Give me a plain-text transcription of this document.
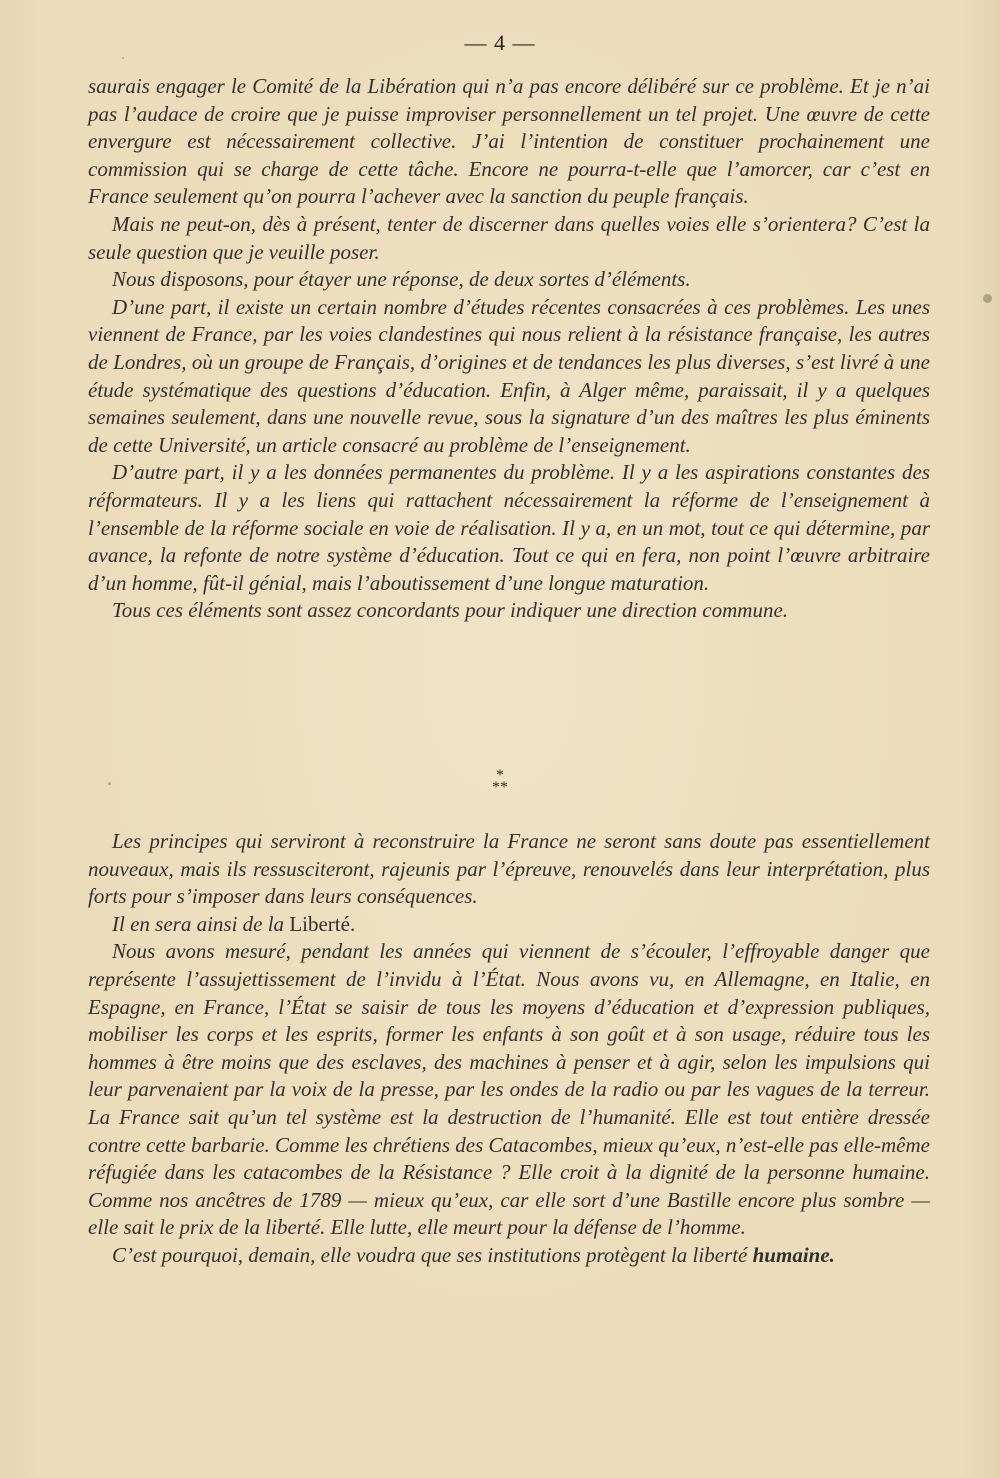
— 4 —

saurais engager le Comité de la Libération qui n’a pas encore délibéré sur ce problème. Et je n’ai pas l’audace de croire que je puisse improviser personnellement un tel projet. Une œuvre de cette envergure est nécessairement collective. J’ai l’intention de constituer prochainement une commission qui se charge de cette tâche. Encore ne pourra-t-elle que l’amorcer, car c’est en France seulement qu’on pourra l’achever avec la sanction du peuple français.

Mais ne peut-on, dès à présent, tenter de discerner dans quelles voies elle s’orientera? C’est la seule question que je veuille poser.

Nous disposons, pour étayer une réponse, de deux sortes d’éléments.

D’une part, il existe un certain nombre d’études récentes consacrées à ces problèmes. Les unes viennent de France, par les voies clandestines qui nous relient à la résistance française, les autres de Londres, où un groupe de Français, d’origines et de tendances les plus diverses, s’est livré à une étude systématique des questions d’éducation. Enfin, à Alger même, paraissait, il y a quelques semaines seulement, dans une nouvelle revue, sous la signature d’un des maîtres les plus éminents de cette Université, un article consacré au problème de l’enseignement.

D’autre part, il y a les données permanentes du problème. Il y a les aspirations constantes des réformateurs. Il y a les liens qui rattachent nécessairement la réforme de l’enseignement à l’ensemble de la réforme sociale en voie de réalisation. Il y a, en un mot, tout ce qui détermine, par avance, la refonte de notre système d’éducation. Tout ce qui en fera, non point l’œuvre arbitraire d’un homme, fût-il génial, mais l’aboutissement d’une longue maturation.

Tous ces éléments sont assez concordants pour indiquer une direction commune.

*
**

Les principes qui serviront à reconstruire la France ne seront sans doute pas essentiellement nouveaux, mais ils ressusciteront, rajeunis par l’épreuve, renouvelés dans leur interprétation, plus forts pour s’imposer dans leurs conséquences.

Il en sera ainsi de la Liberté.

Nous avons mesuré, pendant les années qui viennent de s’écouler, l’effroyable danger que représente l’assujettissement de l’invidu à l’État. Nous avons vu, en Allemagne, en Italie, en Espagne, en France, l’État se saisir de tous les moyens d’éducation et d’expression publiques, mobiliser les corps et les esprits, former les enfants à son goût et à son usage, réduire tous les hommes à être moins que des esclaves, des machines à penser et à agir, selon les impulsions qui leur parvenaient par la voix de la presse, par les ondes de la radio ou par les vagues de la terreur. La France sait qu’un tel système est la destruction de l’humanité. Elle est tout entière dressée contre cette barbarie. Comme les chrétiens des Catacombes, mieux qu’eux, n’est-elle pas elle-même réfugiée dans les catacombes de la Résistance ? Elle croit à la dignité de la personne humaine. Comme nos ancêtres de 1789 — mieux qu’eux, car elle sort d’une Bastille encore plus sombre — elle sait le prix de la liberté. Elle lutte, elle meurt pour la défense de l’homme.

C’est pourquoi, demain, elle voudra que ses institutions protègent la liberté humaine.
